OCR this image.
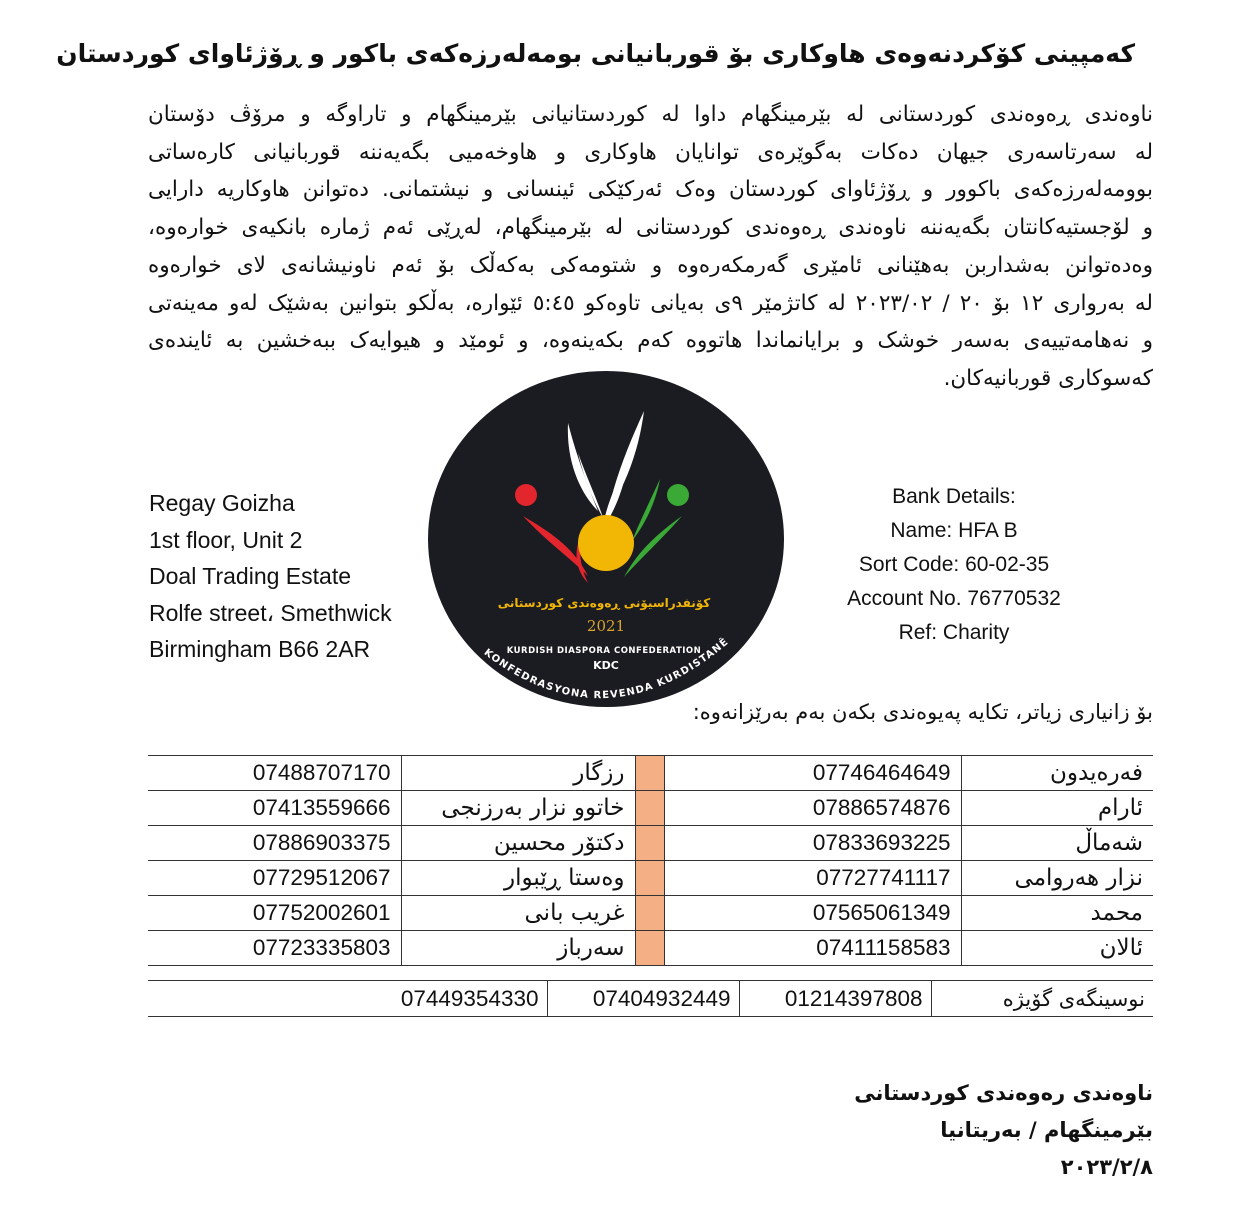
کەمپینی کۆکردنەوەی هاوکاری بۆ قوربانیانی بومەلەرزەکەی باکور و ڕۆژئاوای کوردستان
ناوەندی ڕەوەندی کوردستانی لە بێرمینگهام داوا لە کوردستانیانی بێرمینگهام و تاراوگە و مرۆڤ دۆستان
لە سەرتاسەری جیهان دەکات بەگوێرەی توانایان هاوکاری و هاوخەمیی بگەیەننە قوربانیانی کارەساتی
بوومەلەرزەکەی باکوور و ڕۆژئاوای کوردستان وەک ئەرکێکی ئینسانی و نیشتمانی. دەتوانن هاوکاریە دارایی
و لۆجستیەکانتان بگەیەننە ناوەندی ڕەوەندی کوردستانی لە بێرمینگهام، لەڕێی ئەم ژمارە بانکیەی خوارەوە،
وەدەتوانن بەشداربن بەهێنانی ئامێری گەرمکەرەوە و شتومەکی بەکەڵک بۆ ئەم ناونیشانەی لای خوارەوە
لە بەرواری ١٢ بۆ ٢٠ / ٢٠٢٣/٠٢ لە کاتژمێر ٩ی بەیانی تاوەکو ٥:٤٥ ئێوارە، بەڵکو بتوانین بەشێک لەو مەینەتی
و نەهامەتییەی بەسەر خوشک و برایانماندا هاتووە کەم بکەینەوە، و ئومێد و هیوایەک ببەخشین بە ئایندەی
کەسوکاری قوربانیەکان.
Regay Goizha
1st floor, Unit 2
Doal Trading Estate
Rolfe street، Smethwick
Birmingham B66 2AR
کۆنفدراسیۆنی ڕەوەندی کوردستانی
2021
KURDISH DIASPORA CONFEDERATION
KDC
KONFEDRASYONA REVENDA KURDISTANÊ
Bank Details:
Name: HFA B
Sort Code: 60-02-35
Account No. 76770532
Ref: Charity
بۆ زانیاری زیاتر، تکایە پەیوەندی بکەن بەم بەرێزانەوە:
07488707170	رزگار		07746464649	فەرەیدون
07413559666	خاتوو نزار بەرزنجی		07886574876	ئارام
07886903375	دکتۆر محسین		07833693225	شەماڵ
07729512067	وەستا ڕێبوار		07727741117	نزار هەروامی
07752002601	غریب بانی		07565061349	محمد
07723335803	سەرباز		07411158583	ئالان
07449354330	07404932449	01214397808	نوسینگەی گۆیژە
ناوەندی رەوەندی کوردستانی
بێرمینگهام / بەریتانیا
٢٠٢٣/٢/٨
